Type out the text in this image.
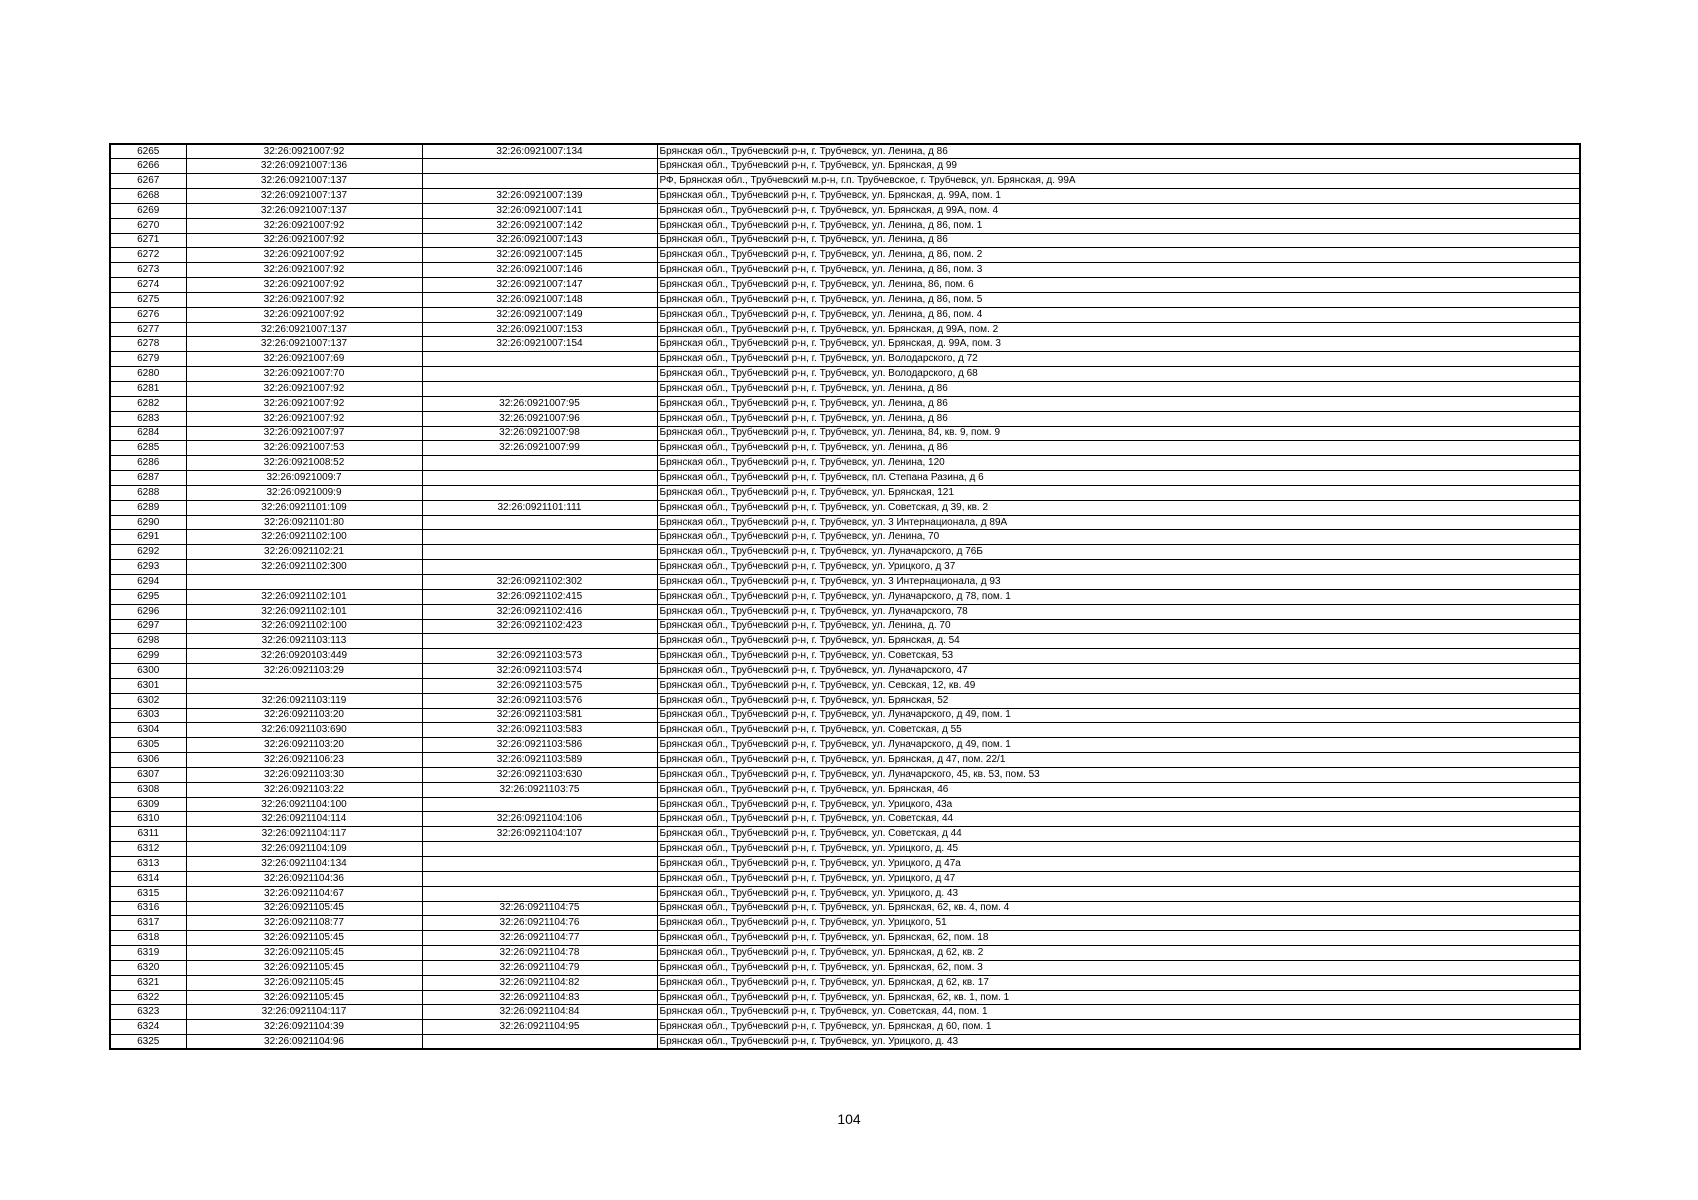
6265	32:26:0921007:92	32:26:0921007:134	Брянская обл., Трубчевский р-н, г. Трубчевск, ул. Ленина, д 86
6266	32:26:0921007:136		Брянская обл., Трубчевский р-н, г. Трубчевск, ул. Брянская, д 99
6267	32:26:0921007:137		РФ, Брянская обл., Трубчевский м.р-н, г.п. Трубчевское, г. Трубчевск, ул. Брянская, д. 99А
6268	32:26:0921007:137	32:26:0921007:139	Брянская обл., Трубчевский р-н, г. Трубчевск, ул. Брянская, д. 99А, пом. 1
6269	32:26:0921007:137	32:26:0921007:141	Брянская обл., Трубчевский р-н, г. Трубчевск, ул. Брянская, д 99А, пом. 4
6270	32:26:0921007:92	32:26:0921007:142	Брянская обл., Трубчевский р-н, г. Трубчевск, ул. Ленина, д 86, пом. 1
6271	32:26:0921007:92	32:26:0921007:143	Брянская обл., Трубчевский р-н, г. Трубчевск, ул. Ленина, д 86
6272	32:26:0921007:92	32:26:0921007:145	Брянская обл., Трубчевский р-н, г. Трубчевск, ул. Ленина, д 86, пом. 2
6273	32:26:0921007:92	32:26:0921007:146	Брянская обл., Трубчевский р-н, г. Трубчевск, ул. Ленина, д 86, пом. 3
6274	32:26:0921007:92	32:26:0921007:147	Брянская обл., Трубчевский р-н, г. Трубчевск, ул. Ленина, 86, пом. 6
6275	32:26:0921007:92	32:26:0921007:148	Брянская обл., Трубчевский р-н, г. Трубчевск, ул. Ленина, д 86, пом. 5
6276	32:26:0921007:92	32:26:0921007:149	Брянская обл., Трубчевский р-н, г. Трубчевск, ул. Ленина, д 86, пом. 4
6277	32:26:0921007:137	32:26:0921007:153	Брянская обл., Трубчевский р-н, г. Трубчевск, ул. Брянская, д 99А, пом. 2
6278	32:26:0921007:137	32:26:0921007:154	Брянская обл., Трубчевский р-н, г. Трубчевск, ул. Брянская, д. 99А, пом. 3
6279	32:26:0921007:69		Брянская обл., Трубчевский р-н, г. Трубчевск, ул. Володарского, д 72
6280	32:26:0921007:70		Брянская обл., Трубчевский р-н, г. Трубчевск, ул. Володарского, д 68
6281	32:26:0921007:92		Брянская обл., Трубчевский р-н, г. Трубчевск, ул. Ленина, д 86
6282	32:26:0921007:92	32:26:0921007:95	Брянская обл., Трубчевский р-н, г. Трубчевск, ул. Ленина, д 86
6283	32:26:0921007:92	32:26:0921007:96	Брянская обл., Трубчевский р-н, г. Трубчевск, ул. Ленина, д 86
6284	32:26:0921007:97	32:26:0921007:98	Брянская обл., Трубчевский р-н, г. Трубчевск, ул. Ленина, 84, кв. 9, пом. 9
6285	32:26:0921007:53	32:26:0921007:99	Брянская обл., Трубчевский р-н, г. Трубчевск, ул. Ленина, д 86
6286	32:26:0921008:52		Брянская обл., Трубчевский р-н, г. Трубчевск, ул. Ленина, 120
6287	32:26:0921009:7		Брянская обл., Трубчевский р-н, г. Трубчевск, пл. Степана Разина, д 6
6288	32:26:0921009:9		Брянская обл., Трубчевский р-н, г. Трубчевск, ул. Брянская, 121
6289	32:26:0921101:109	32:26:0921101:111	Брянская обл., Трубчевский р-н, г. Трубчевск, ул. Советская, д 39, кв. 2
6290	32:26:0921101:80		Брянская обл., Трубчевский р-н, г. Трубчевск, ул. 3 Интернационала, д 89А
6291	32:26:0921102:100		Брянская обл., Трубчевский р-н, г. Трубчевск, ул. Ленина, 70
6292	32:26:0921102:21		Брянская обл., Трубчевский р-н, г. Трубчевск, ул. Луначарского, д 76Б
6293	32:26:0921102:300		Брянская обл., Трубчевский р-н, г. Трубчевск, ул. Урицкого, д 37
6294		32:26:0921102:302	Брянская обл., Трубчевский р-н, г. Трубчевск, ул. 3 Интернационала, д 93
6295	32:26:0921102:101	32:26:0921102:415	Брянская обл., Трубчевский р-н, г. Трубчевск, ул. Луначарского, д 78, пом. 1
6296	32:26:0921102:101	32:26:0921102:416	Брянская обл., Трубчевский р-н, г. Трубчевск, ул. Луначарского, 78
6297	32:26:0921102:100	32:26:0921102:423	Брянская обл., Трубчевский р-н, г. Трубчевск, ул. Ленина, д. 70
6298	32:26:0921103:113		Брянская обл., Трубчевский р-н, г. Трубчевск, ул. Брянская, д. 54
6299	32:26:0920103:449	32:26:0921103:573	Брянская обл., Трубчевский р-н, г. Трубчевск, ул. Советская, 53
6300	32:26:0921103:29	32:26:0921103:574	Брянская обл., Трубчевский р-н, г. Трубчевск, ул. Луначарского, 47
6301		32:26:0921103:575	Брянская обл., Трубчевский р-н, г. Трубчевск, ул. Севская, 12, кв. 49
6302	32:26:0921103:119	32:26:0921103:576	Брянская обл., Трубчевский р-н, г. Трубчевск, ул. Брянская, 52
6303	32:26:0921103:20	32:26:0921103:581	Брянская обл., Трубчевский р-н, г. Трубчевск, ул. Луначарского, д 49, пом. 1
6304	32:26:0921103:690	32:26:0921103:583	Брянская обл., Трубчевский р-н, г. Трубчевск, ул. Советская, д 55
6305	32:26:0921103:20	32:26:0921103:586	Брянская обл., Трубчевский р-н, г. Трубчевск, ул. Луначарского, д 49, пом. 1
6306	32:26:0921106:23	32:26:0921103:589	Брянская обл., Трубчевский р-н, г. Трубчевск, ул. Брянская, д 47, пом. 22/1
6307	32:26:0921103:30	32:26:0921103:630	Брянская обл., Трубчевский р-н, г. Трубчевск, ул. Луначарского, 45, кв. 53, пом. 53
6308	32:26:0921103:22	32:26:0921103:75	Брянская обл., Трубчевский р-н, г. Трубчевск, ул. Брянская, 46
6309	32:26:0921104:100		Брянская обл., Трубчевский р-н, г. Трубчевск, ул. Урицкого, 43а
6310	32:26:0921104:114	32:26:0921104:106	Брянская обл., Трубчевский р-н, г. Трубчевск, ул. Советская, 44
6311	32:26:0921104:117	32:26:0921104:107	Брянская обл., Трубчевский р-н, г. Трубчевск, ул. Советская, д 44
6312	32:26:0921104:109		Брянская обл., Трубчевский р-н, г. Трубчевск, ул. Урицкого, д. 45
6313	32:26:0921104:134		Брянская обл., Трубчевский р-н, г. Трубчевск, ул. Урицкого, д 47а
6314	32:26:0921104:36		Брянская обл., Трубчевский р-н, г. Трубчевск, ул. Урицкого, д 47
6315	32:26:0921104:67		Брянская обл., Трубчевский р-н, г. Трубчевск, ул. Урицкого, д. 43
6316	32:26:0921105:45	32:26:0921104:75	Брянская обл., Трубчевский р-н, г. Трубчевск, ул. Брянская, 62, кв. 4, пом. 4
6317	32:26:0921108:77	32:26:0921104:76	Брянская обл., Трубчевский р-н, г. Трубчевск, ул. Урицкого, 51
6318	32:26:0921105:45	32:26:0921104:77	Брянская обл., Трубчевский р-н, г. Трубчевск, ул. Брянская, 62, пом. 18
6319	32:26:0921105:45	32:26:0921104:78	Брянская обл., Трубчевский р-н, г. Трубчевск, ул. Брянская, д 62, кв. 2
6320	32:26:0921105:45	32:26:0921104:79	Брянская обл., Трубчевский р-н, г. Трубчевск, ул. Брянская, 62, пом. 3
6321	32:26:0921105:45	32:26:0921104:82	Брянская обл., Трубчевский р-н, г. Трубчевск, ул. Брянская, д 62, кв. 17
6322	32:26:0921105:45	32:26:0921104:83	Брянская обл., Трубчевский р-н, г. Трубчевск, ул. Брянская, 62, кв. 1, пом. 1
6323	32:26:0921104:117	32:26:0921104:84	Брянская обл., Трубчевский р-н, г. Трубчевск, ул. Советская, 44, пом. 1
6324	32:26:0921104:39	32:26:0921104:95	Брянская обл., Трубчевский р-н, г. Трубчевск, ул. Брянская, д 60, пом. 1
6325	32:26:0921104:96		Брянская обл., Трубчевский р-н, г. Трубчевск, ул. Урицкого, д. 43
104
